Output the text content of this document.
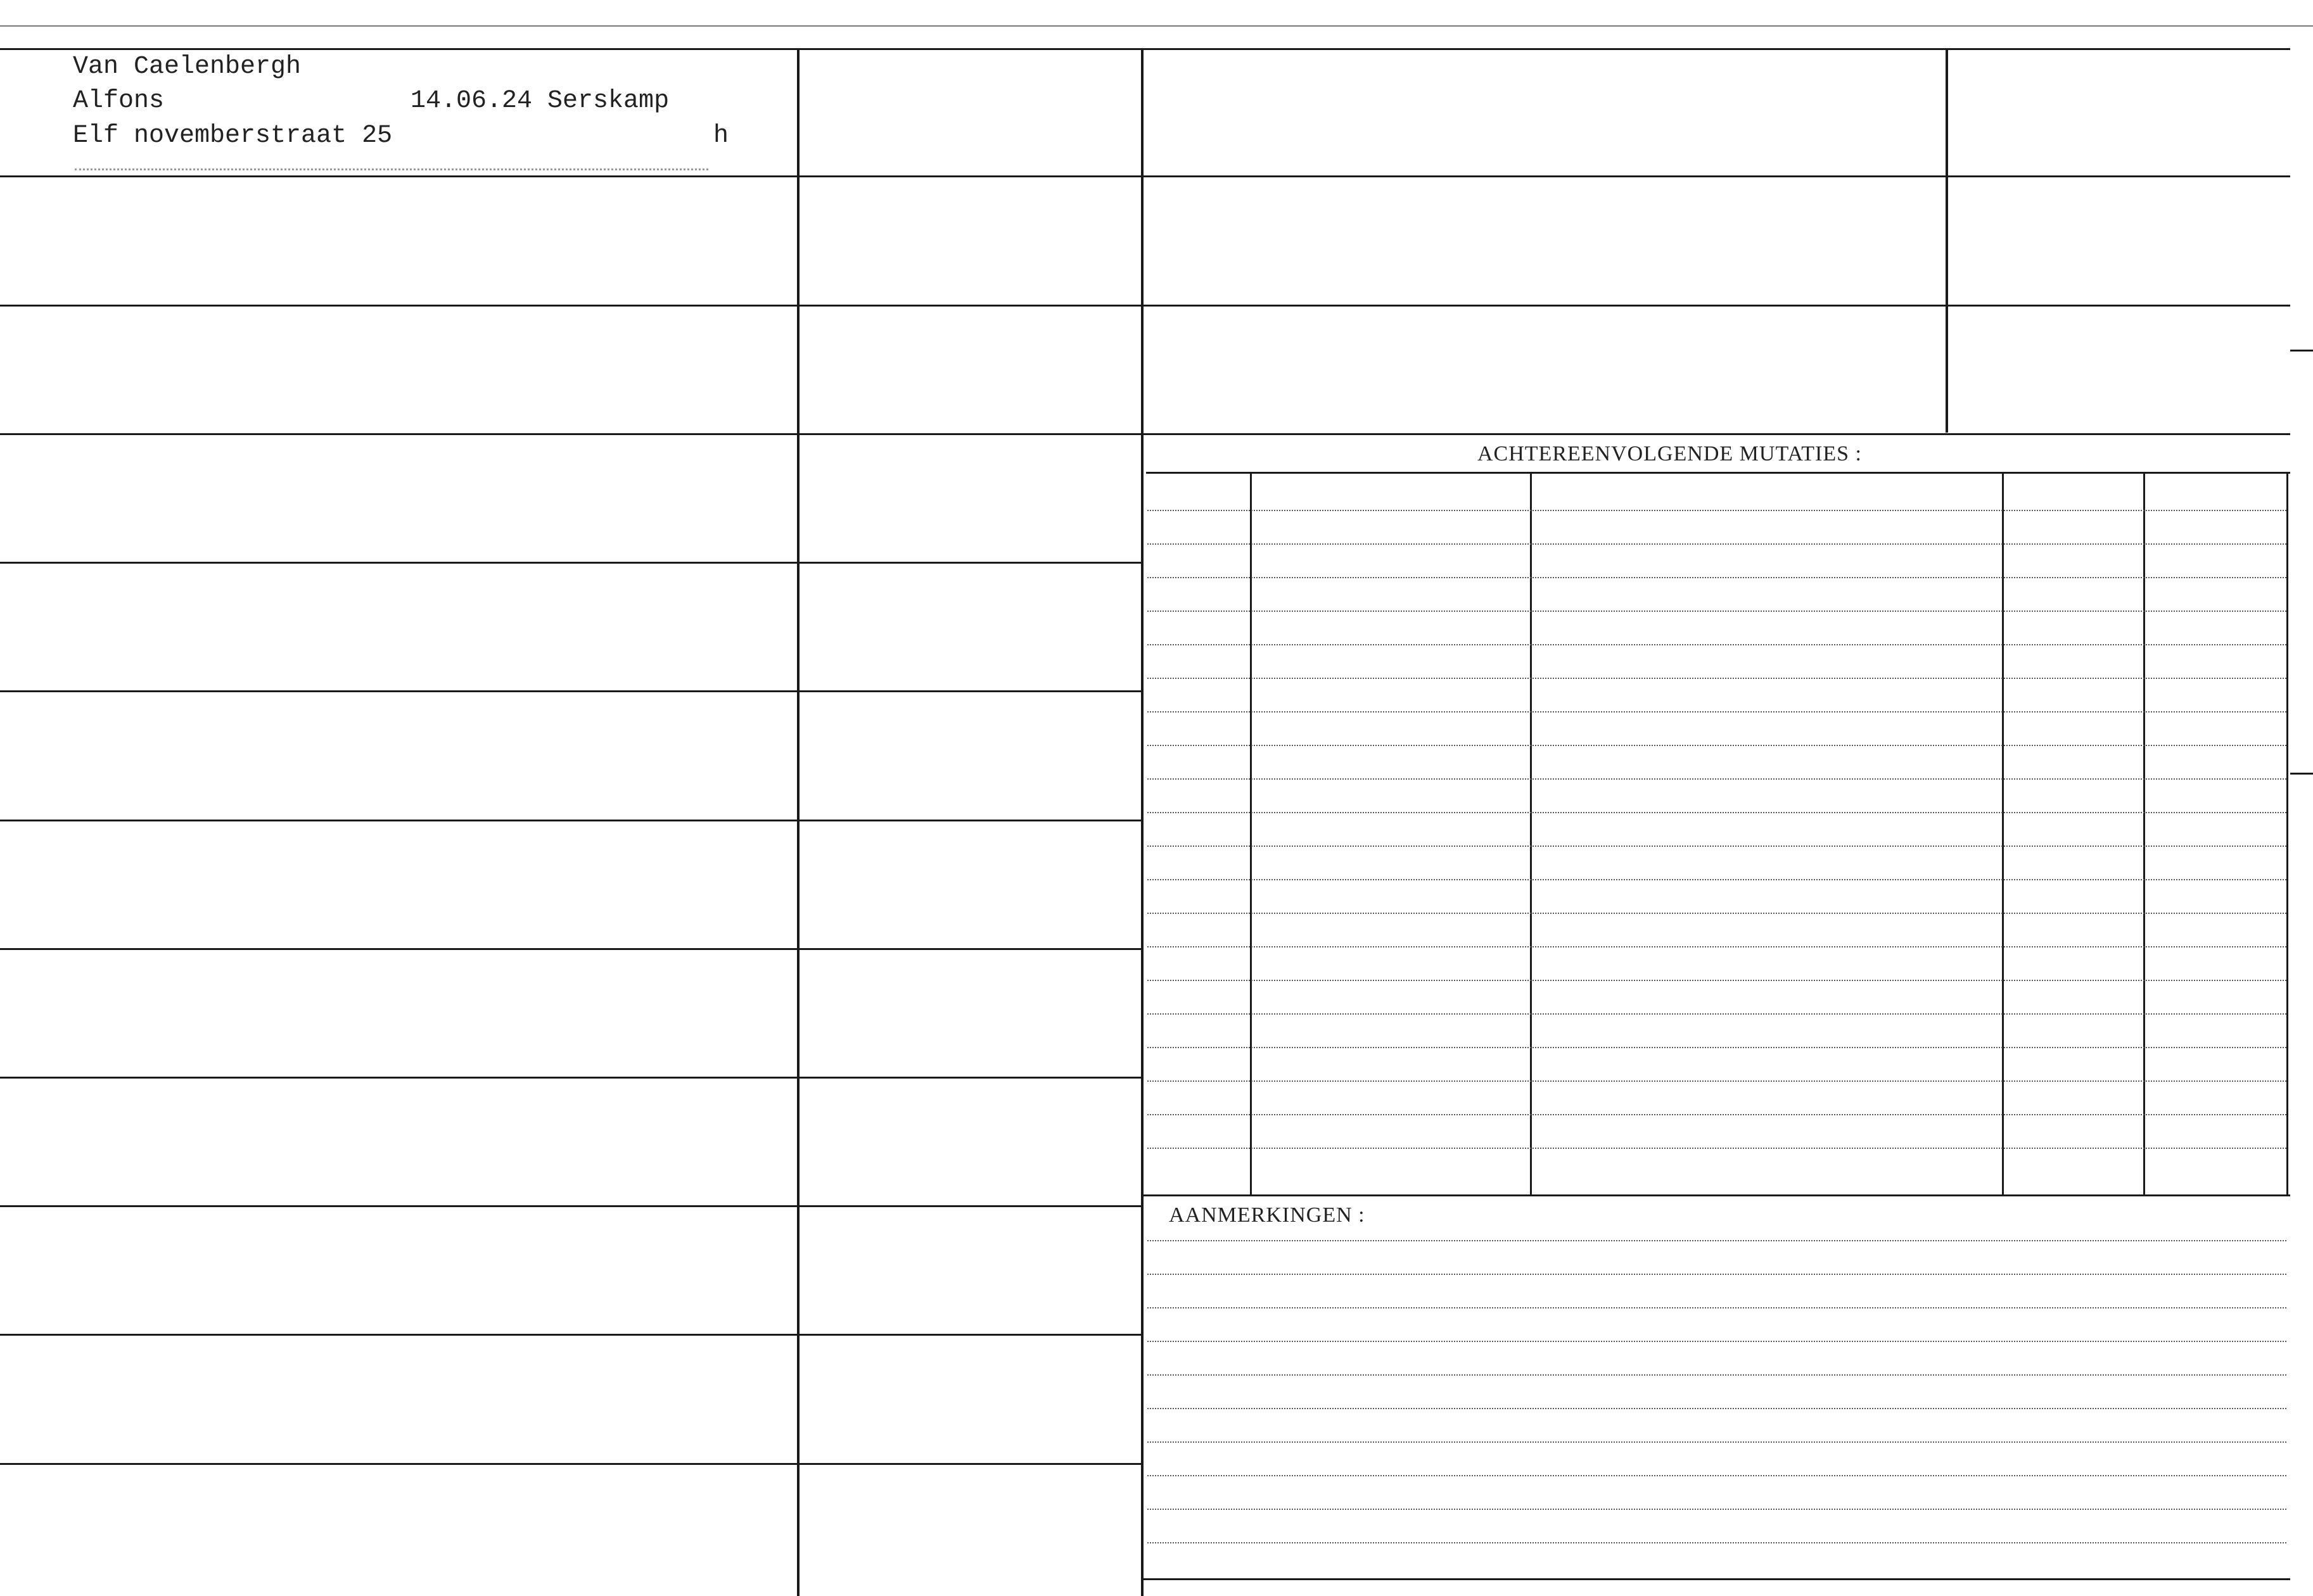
Van Caelenbergh
Alfons	14.06.24 Serskamp
Elf novemberstraat 25	h
ACHTEREENVOLGENDE MUTATIES :
AANMERKINGEN :
